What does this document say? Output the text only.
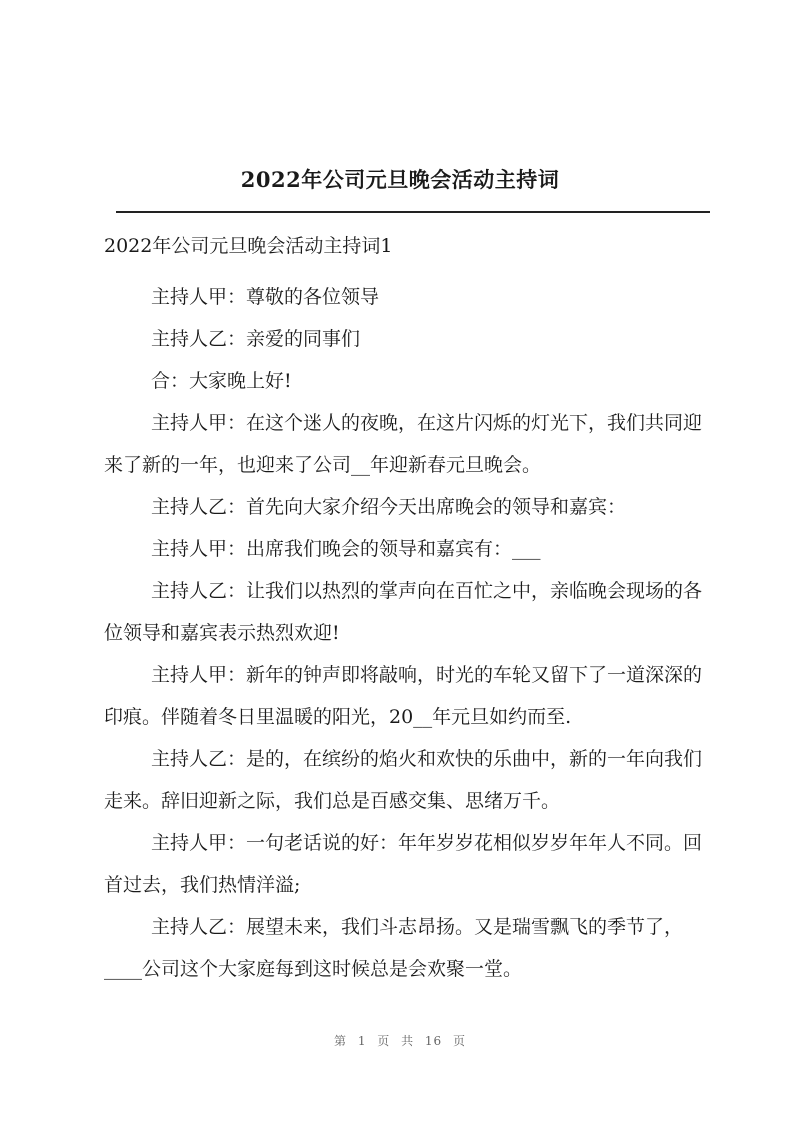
2022年公司元旦晚会活动主持词
2022年公司元旦晚会活动主持词1

主持人甲：尊敬的各位领导

主持人乙：亲爱的同事们

合：大家晚上好!

主持人甲：在这个迷人的夜晚，在这片闪烁的灯光下，我们共同迎来了新的一年，也迎来了公司__年迎新春元旦晚会。

主持人乙：首先向大家介绍今天出席晚会的领导和嘉宾：

主持人甲：出席我们晚会的领导和嘉宾有：___

主持人乙：让我们以热烈的掌声向在百忙之中，亲临晚会现场的各位领导和嘉宾表示热烈欢迎!

主持人甲：新年的钟声即将敲响，时光的车轮又留下了一道深深的印痕。伴随着冬日里温暖的阳光，20__年元旦如约而至.

主持人乙：是的，在缤纷的焰火和欢快的乐曲中，新的一年向我们走来。辞旧迎新之际，我们总是百感交集、思绪万千。

主持人甲：一句老话说的好：年年岁岁花相似岁岁年年人不同。回首过去，我们热情洋溢;

主持人乙：展望未来，我们斗志昂扬。又是瑞雪飘飞的季节了，____公司这个大家庭每到这时候总是会欢聚一堂。

第 1 页 共 16 页
